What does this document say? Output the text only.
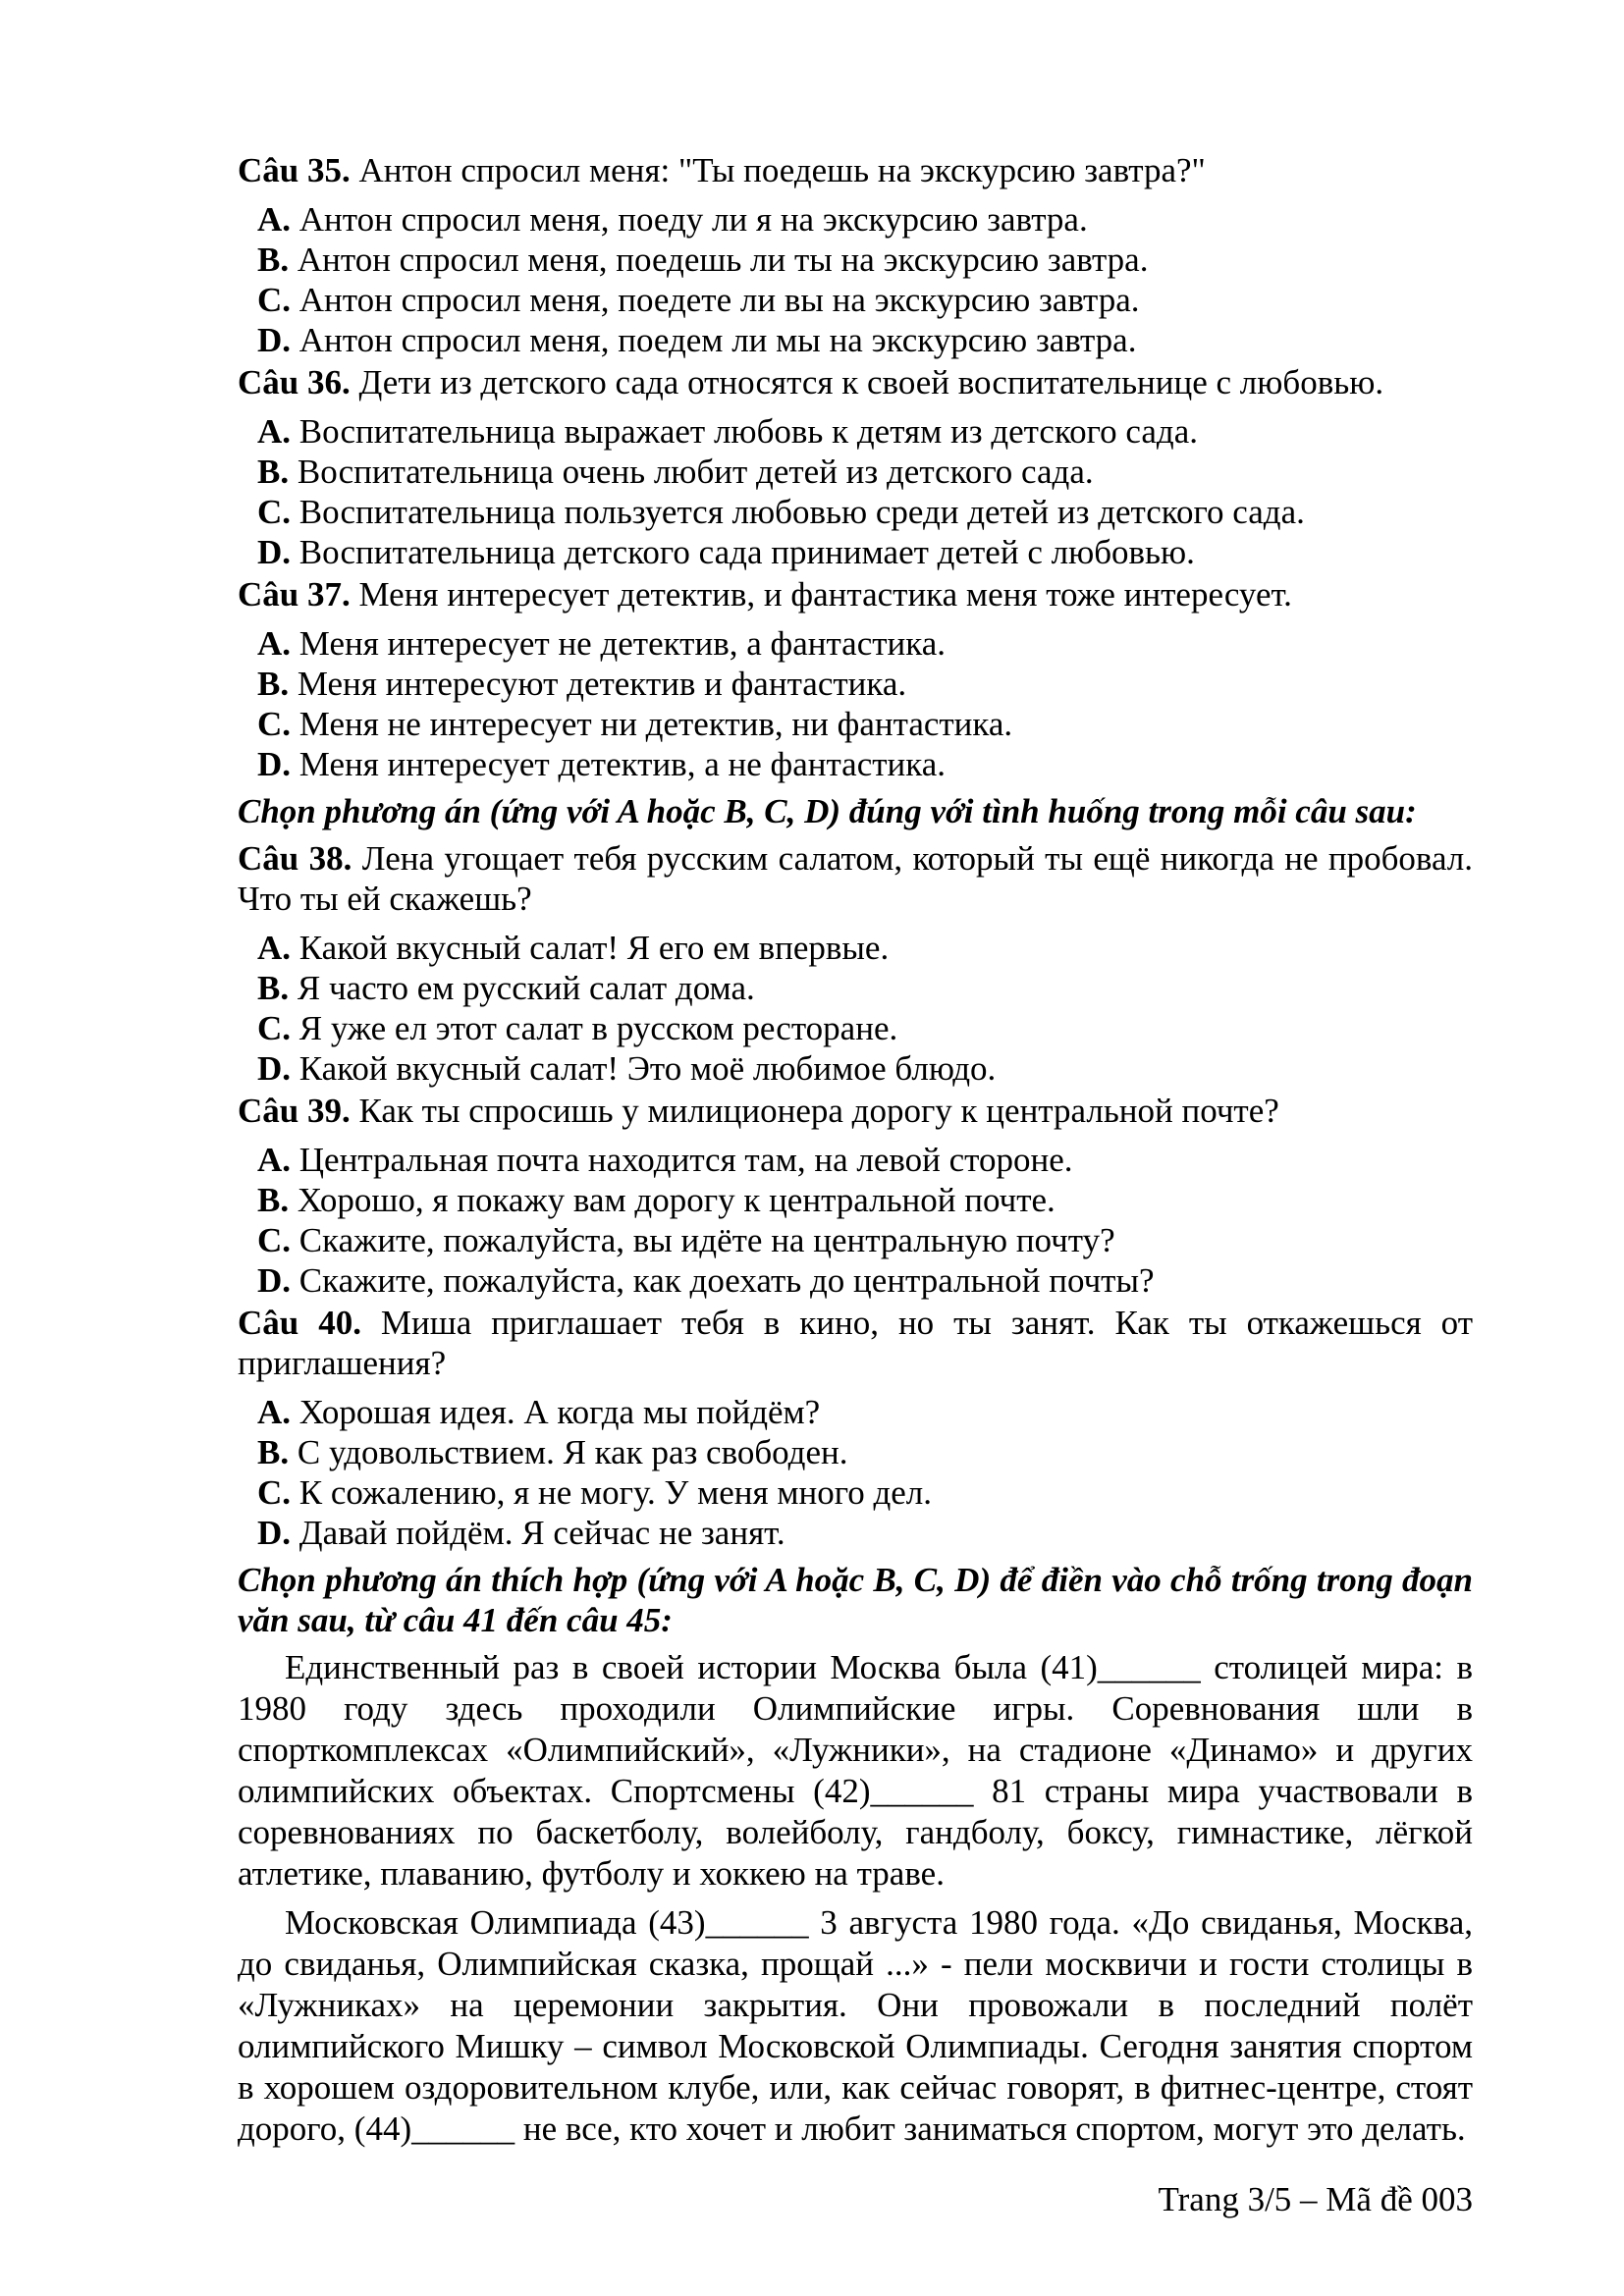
Câu 35. Антон спросил меня: "Ты поедешь на экскурсию завтра?"

A. Антон спросил меня, поеду ли я на экскурсию завтра.

B. Антон спросил меня, поедешь ли ты на экскурсию завтра.

C. Антон спросил меня, поедете ли вы на экскурсию завтра.

D. Антон спросил меня, поедем ли мы на экскурсию завтра.

Câu 36. Дети из детского сада относятся к своей воспитательнице с любовью.

A. Воспитательница выражает любовь к детям из детского сада.

B. Воспитательница очень любит детей из детского сада.

C. Воспитательница пользуется любовью среди детей из детского сада.

D. Воспитательница детского сада принимает детей с любовью.

Câu 37. Меня интересует детектив, и фантастика меня тоже интересует.

A. Меня интересует не детектив, а фантастика.

B. Меня интересуют детектив и фантастика.

C. Меня не интересует ни детектив, ни фантастика.

D. Меня интересует детектив, а не фантастика.

Chọn phương án (ứng với A hoặc B, C, D) đúng với tình huống trong mỗi câu sau:

Câu 38. Лена угощает тебя русским салатом, который ты ещё никогда не пробовал. Что ты ей скажешь?

A. Какой вкусный салат! Я его ем впервые.

B. Я часто ем русский салат дома.

C. Я уже ел этот салат в русском ресторане.

D. Какой вкусный салат! Это моё любимое блюдо.

Câu 39. Как ты спросишь у милиционера дорогу к центральной почте?

A. Центральная почта находится там, на левой стороне.

B. Хорошо, я покажу вам дорогу к центральной почте.

C. Скажите, пожалуйста, вы идёте на центральную почту?

D. Скажите, пожалуйста, как доехать до центральной почты?

Câu 40. Миша приглашает тебя в кино, но ты занят. Как ты откажешься от приглашения?

A. Хорошая идея. А когда мы пойдём?

B. С удовольствием. Я как раз свободен.

C. К сожалению, я не могу. У меня много дел.

D. Давай пойдём. Я сейчас не занят.

Chọn phương án thích hợp (ứng với A hoặc B, C, D) để điền vào chỗ trống trong đoạn văn sau, từ câu 41 đến câu 45:

Единственный раз в своей истории Москва была (41)______ столицей мира: в 1980 году здесь проходили Олимпийские игры. Соревнования шли в спорткомплексах «Олимпийский», «Лужники», на стадионе «Динамо» и других олимпийских объектах. Спортсмены (42)______ 81 страны мира участвовали в соревнованиях по баскетболу, волейболу, гандболу, боксу, гимнастике, лёгкой атлетике, плаванию, футболу и хоккею на траве.

Московская Олимпиада (43)______ 3 августа 1980 года. «До свиданья, Москва, до свиданья, Олимпийская сказка, прощай ...» - пели москвичи и гости столицы в «Лужниках» на церемонии закрытия. Они провожали в последний полёт олимпийского Мишку – символ Московской Олимпиады. Сегодня занятия спортом в хорошем оздоровительном клубе, или, как сейчас говорят, в фитнес-центре, стоят дорого, (44)______ не все, кто хочет и любит заниматься спортом, могут это делать.

Trang 3/5 – Mã đề 003
